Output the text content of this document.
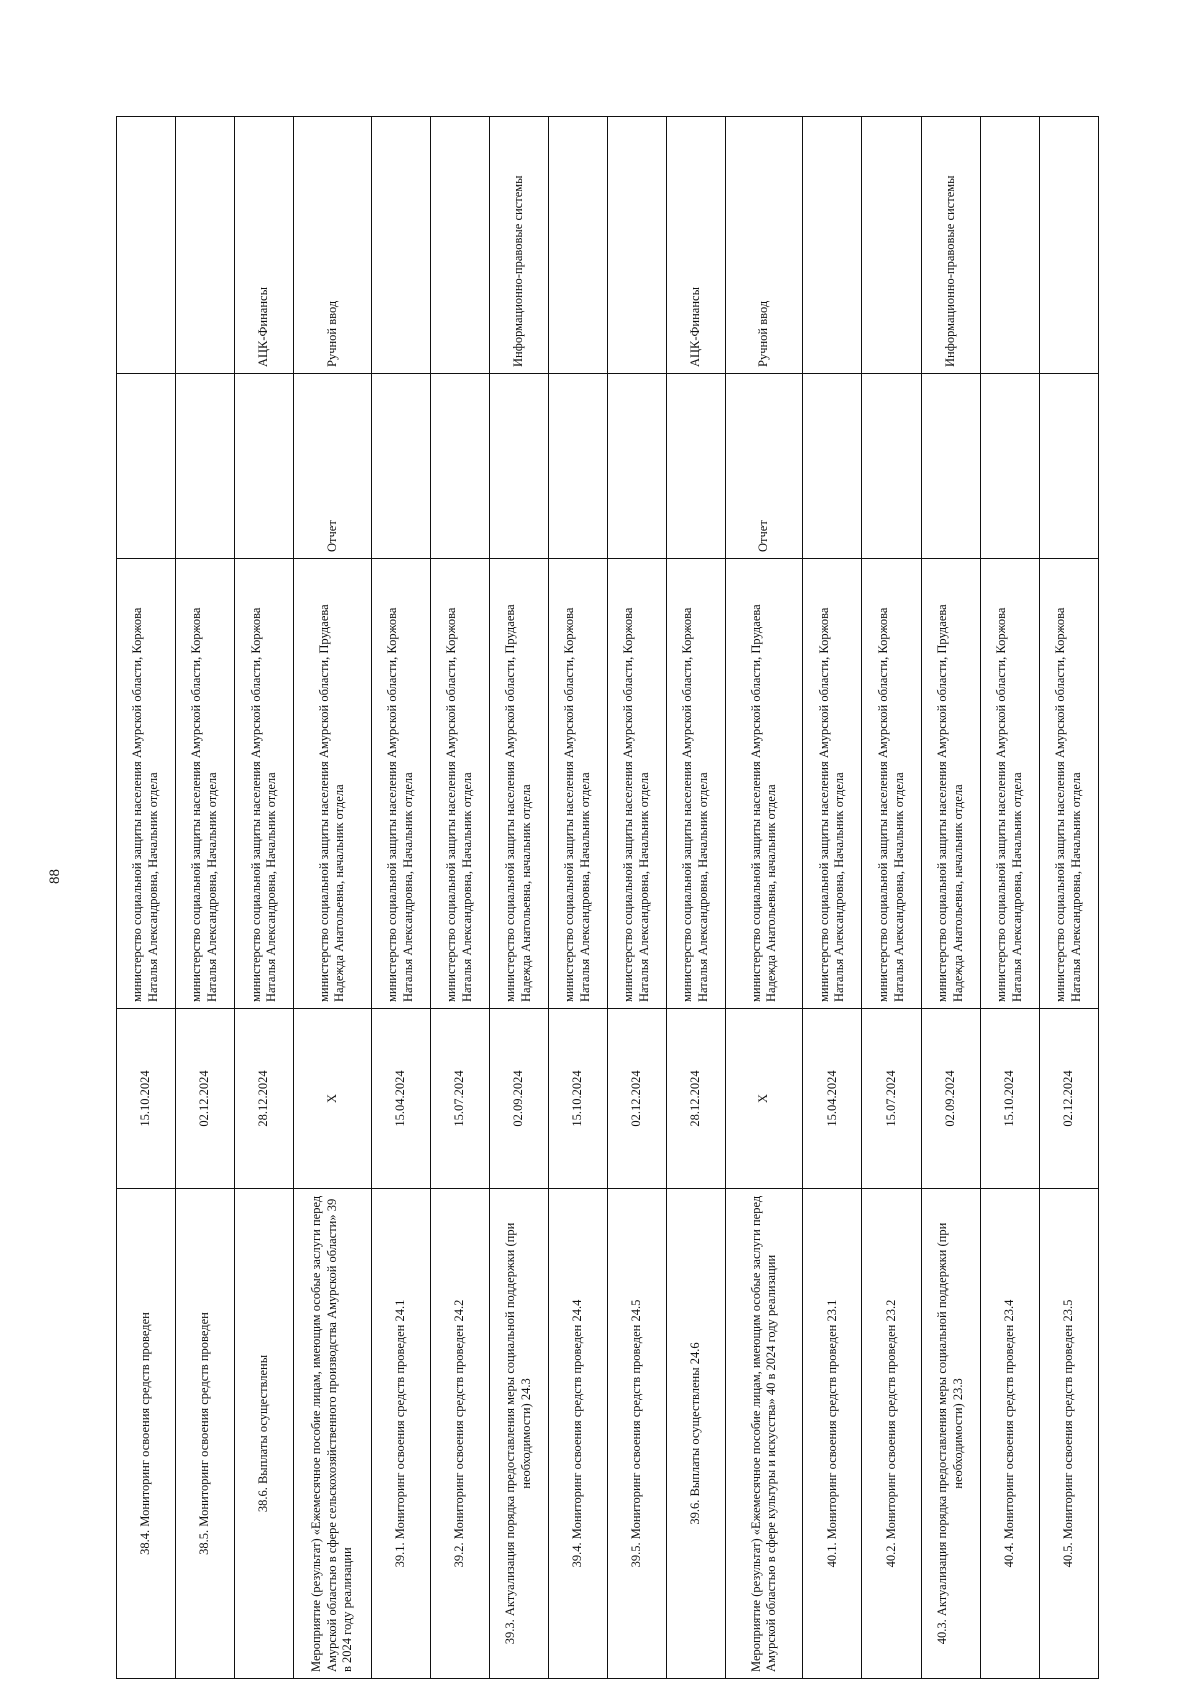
88
38.4. Мониторинг освоения средств проведен	15.10.2024	министерство социальной защиты населения Амурской области, Коржова Наталья Александровна, Начальник отдела		
38.5. Мониторинг освоения средств проведен	02.12.2024	министерство социальной защиты населения Амурской области, Коржова Наталья Александровна, Начальник отдела		
38.6. Выплаты осуществлены	28.12.2024	министерство социальной защиты населения Амурской области, Коржова Наталья Александровна, Начальник отдела		АЦК-Финансы
Мероприятие (результат) «Ежемесячное пособие лицам, имеющим особые заслуги перед Амурской областью в сфере сельскохозяйственного производства Амурской области» 39 в 2024 году реализации	X	министерство социальной защиты населения Амурской области, Прудаева Надежда Анатольевна, начальник отдела	Отчет	Ручной ввод
39.1. Мониторинг освоения средств проведен 24.1	15.04.2024	министерство социальной защиты населения Амурской области, Коржова Наталья Александровна, Начальник отдела		
39.2. Мониторинг освоения средств проведен 24.2	15.07.2024	министерство социальной защиты населения Амурской области, Коржова Наталья Александровна, Начальник отдела		
39.3. Актуализация порядка предоставления меры социальной поддержки (при необходимости) 24.3	02.09.2024	министерство социальной защиты населения Амурской области, Прудаева Надежда Анатольевна, начальник отдела		Информационно-правовые системы
39.4. Мониторинг освоения средств проведен 24.4	15.10.2024	министерство социальной защиты населения Амурской области, Коржова Наталья Александровна, Начальник отдела		
39.5. Мониторинг освоения средств проведен 24.5	02.12.2024	министерство социальной защиты населения Амурской области, Коржова Наталья Александровна, Начальник отдела		
39.6. Выплаты осуществлены 24.6	28.12.2024	министерство социальной защиты населения Амурской области, Коржова Наталья Александровна, Начальник отдела		АЦК-Финансы
Мероприятие (результат) «Ежемесячное пособие лицам, имеющим особые заслуги перед Амурской областью в сфере культуры и искусства» 40 в 2024 году реализации	X	министерство социальной защиты населения Амурской области, Прудаева Надежда Анатольевна, начальник отдела	Отчет	Ручной ввод
40.1. Мониторинг освоения средств проведен 23.1	15.04.2024	министерство социальной защиты населения Амурской области, Коржова Наталья Александровна, Начальник отдела		
40.2. Мониторинг освоения средств проведен 23.2	15.07.2024	министерство социальной защиты населения Амурской области, Коржова Наталья Александровна, Начальник отдела		
40.3. Актуализация порядка предоставления меры социальной поддержки (при необходимости) 23.3	02.09.2024	министерство социальной защиты населения Амурской области, Прудаева Надежда Анатольевна, начальник отдела		Информационно-правовые системы
40.4. Мониторинг освоения средств проведен 23.4	15.10.2024	министерство социальной защиты населения Амурской области, Коржова Наталья Александровна, Начальник отдела		
40.5. Мониторинг освоения средств проведен 23.5	02.12.2024	министерство социальной защиты населения Амурской области, Коржова Наталья Александровна, Начальник отдела		
